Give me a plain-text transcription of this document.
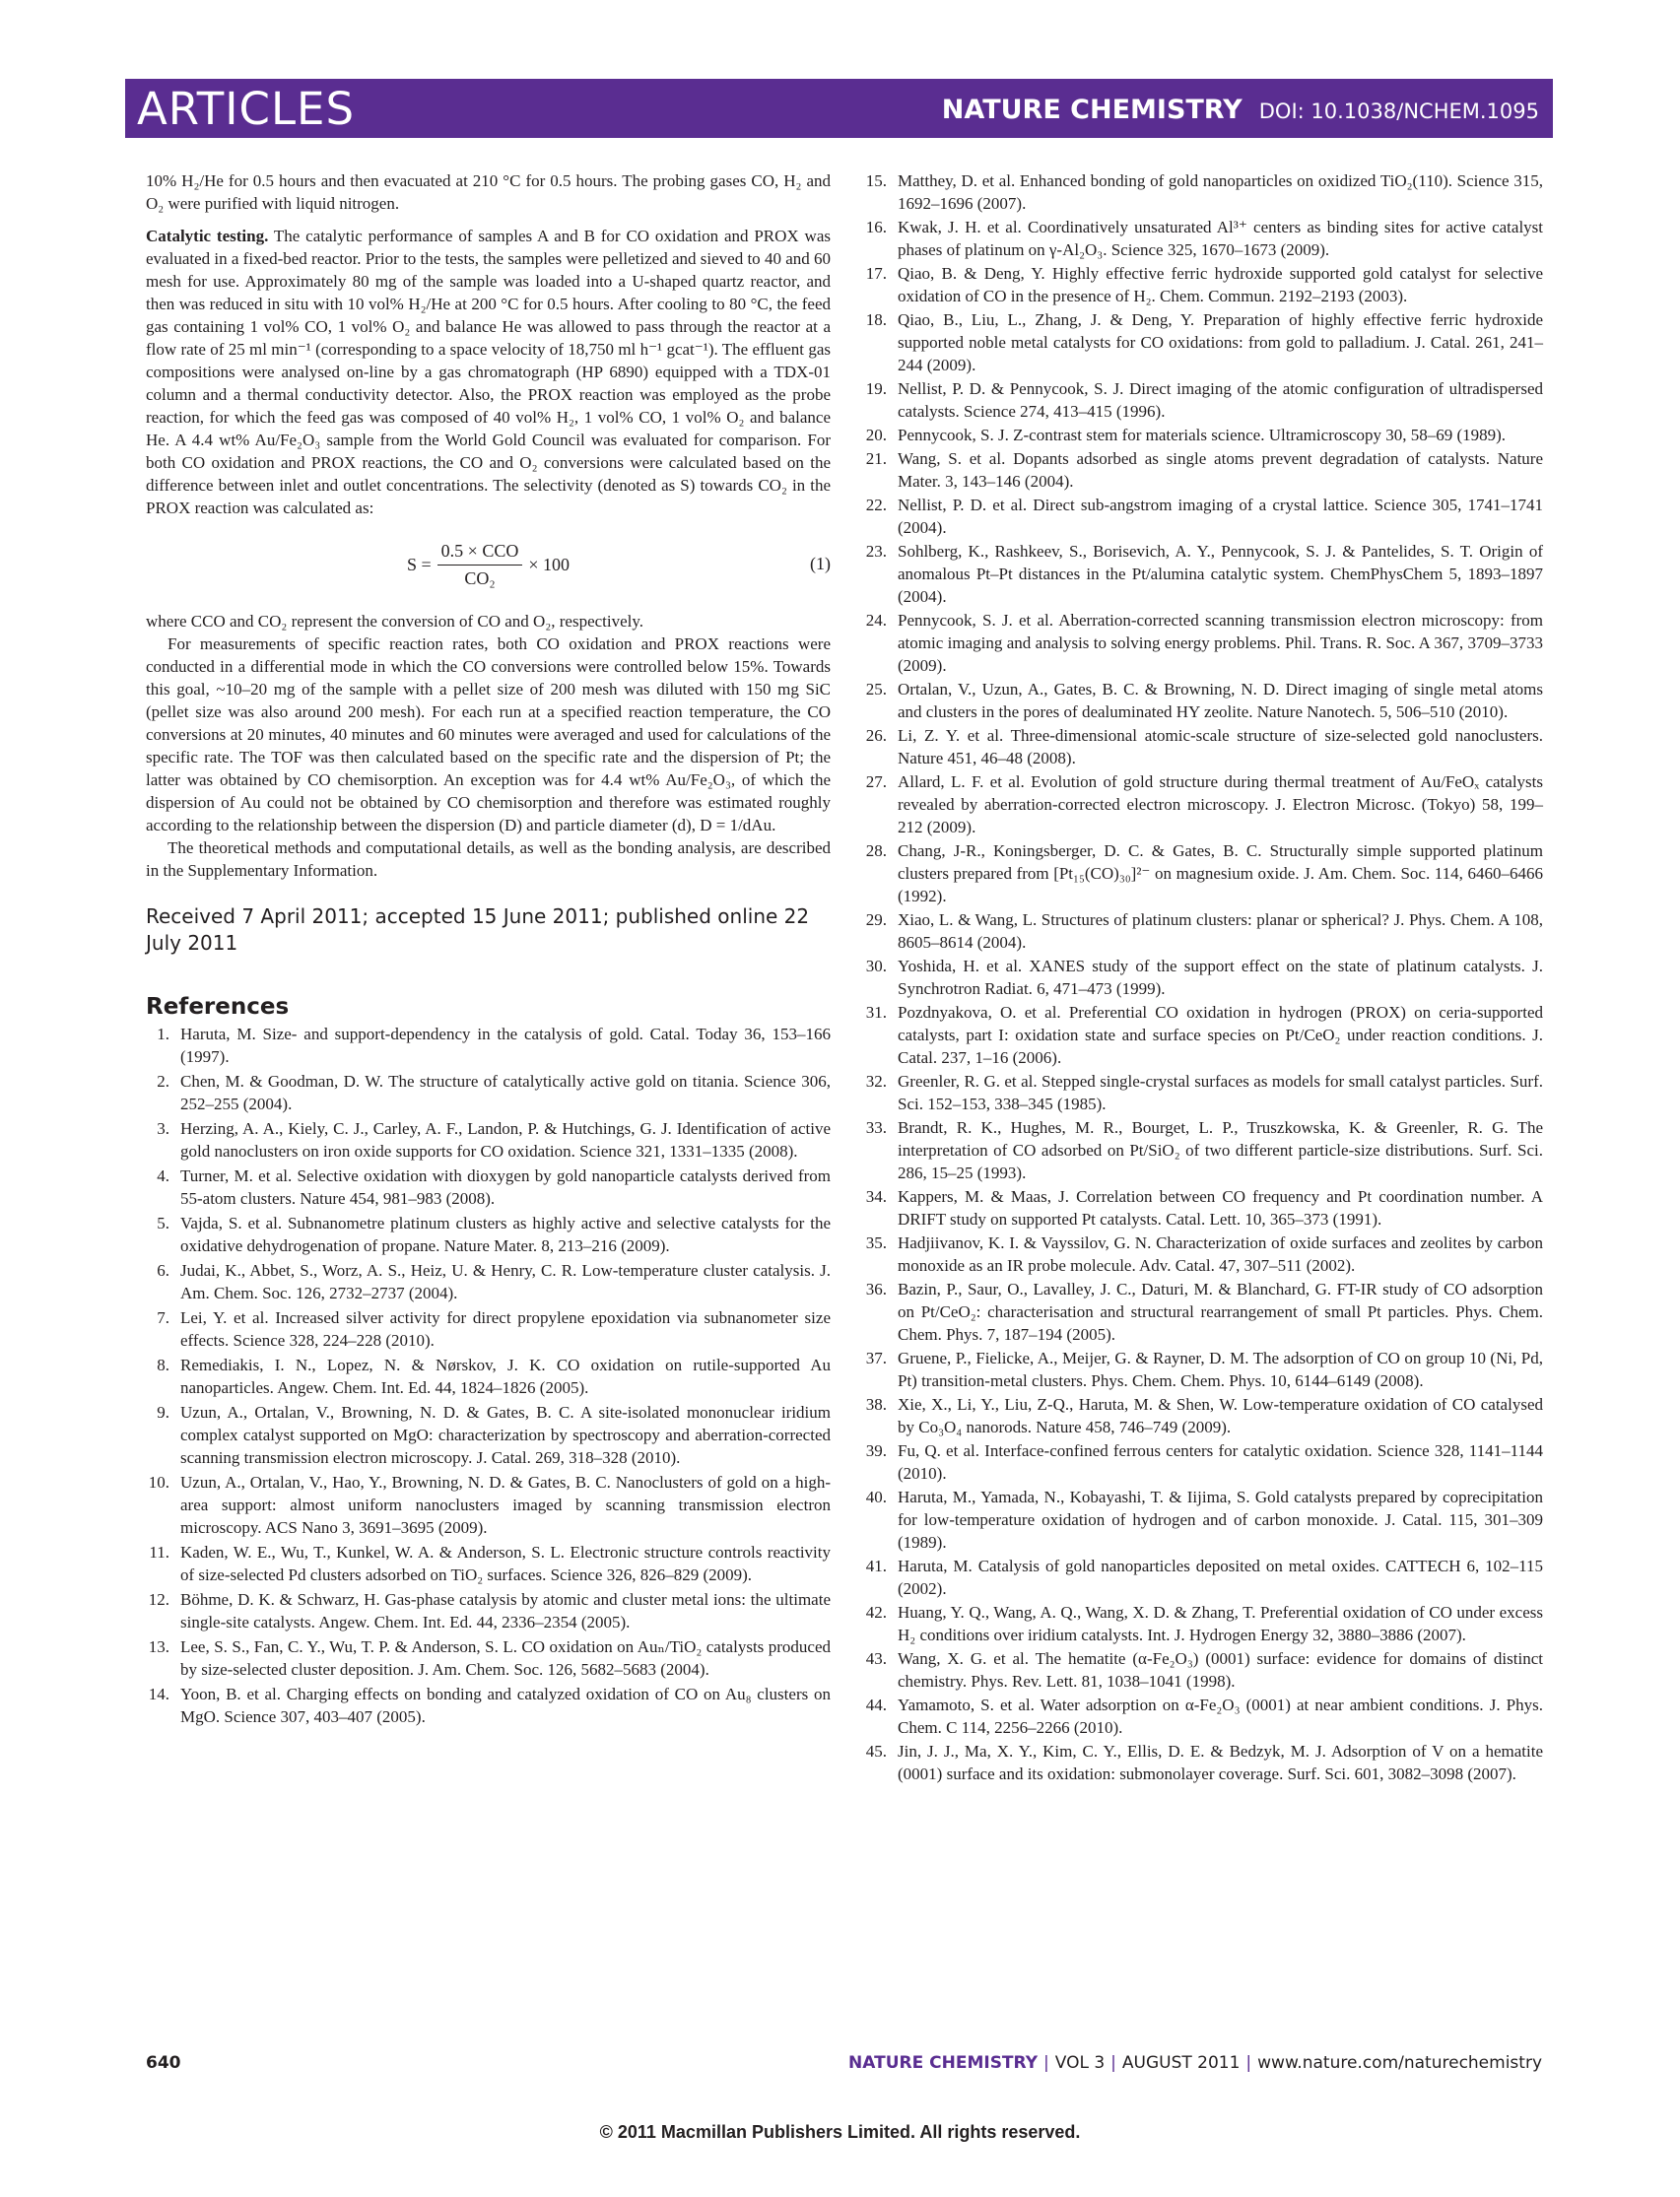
ARTICLES	NATURE CHEMISTRY DOI: 10.1038/NCHEM.1095

10% H₂/He for 0.5 hours and then evacuated at 210 °C for 0.5 hours. The probing gases CO, H₂ and O₂ were purified with liquid nitrogen.

Catalytic testing. The catalytic performance of samples A and B for CO oxidation and PROX was evaluated in a fixed-bed reactor. Prior to the tests, the samples were pelletized and sieved to 40 and 60 mesh for use. Approximately 80 mg of the sample was loaded into a U-shaped quartz reactor, and then was reduced in situ with 10 vol% H₂/He at 200 °C for 0.5 hours. After cooling to 80 °C, the feed gas containing 1 vol% CO, 1 vol% O₂ and balance He was allowed to pass through the reactor at a flow rate of 25 ml min⁻¹ (corresponding to a space velocity of 18,750 ml h⁻¹ gcat⁻¹). The effluent gas compositions were analysed on-line by a gas chromatograph (HP 6890) equipped with a TDX-01 column and a thermal conductivity detector. Also, the PROX reaction was employed as the probe reaction, for which the feed gas was composed of 40 vol% H₂, 1 vol% CO, 1 vol% O₂ and balance He. A 4.4 wt% Au/Fe₂O₃ sample from the World Gold Council was evaluated for comparison. For both CO oxidation and PROX reactions, the CO and O₂ conversions were calculated based on the difference between inlet and outlet concentrations. The selectivity (denoted as S) towards CO₂ in the PROX reaction was calculated as:

$S = \frac{\text{0.5 × CCO}}{\text{CO₂}} \times 100$	(1)

where CCO and CO₂ represent the conversion of CO and O₂, respectively.

For measurements of specific reaction rates, both CO oxidation and PROX reactions were conducted in a differential mode in which the CO conversions were controlled below 15%. Towards this goal, ~10–20 mg of the sample with a pellet size of 200 mesh was diluted with 150 mg SiC (pellet size was also around 200 mesh). For each run at a specified reaction temperature, the CO conversions at 20 minutes, 40 minutes and 60 minutes were averaged and used for calculations of the specific rate. The TOF was then calculated based on the specific rate and the dispersion of Pt; the latter was obtained by CO chemisorption. An exception was for 4.4 wt% Au/Fe₂O₃, of which the dispersion of Au could not be obtained by CO chemisorption and therefore was estimated roughly according to the relationship between the dispersion (D) and particle diameter (d), D = 1/dAu.

The theoretical methods and computational details, as well as the bonding analysis, are described in the Supplementary Information.

Received 7 April 2011; accepted 15 June 2011; published online 22 July 2011

References
1. Haruta, M. Size- and support-dependency in the catalysis of gold. Catal. Today 36, 153–166 (1997).
2. Chen, M. & Goodman, D. W. The structure of catalytically active gold on titania. Science 306, 252–255 (2004).
3. Herzing, A. A., Kiely, C. J., Carley, A. F., Landon, P. & Hutchings, G. J. Identification of active gold nanoclusters on iron oxide supports for CO oxidation. Science 321, 1331–1335 (2008).
4. Turner, M. et al. Selective oxidation with dioxygen by gold nanoparticle catalysts derived from 55-atom clusters. Nature 454, 981–983 (2008).
5. Vajda, S. et al. Subnanometre platinum clusters as highly active and selective catalysts for the oxidative dehydrogenation of propane. Nature Mater. 8, 213–216 (2009).
6. Judai, K., Abbet, S., Worz, A. S., Heiz, U. & Henry, C. R. Low-temperature cluster catalysis. J. Am. Chem. Soc. 126, 2732–2737 (2004).
7. Lei, Y. et al. Increased silver activity for direct propylene epoxidation via subnanometer size effects. Science 328, 224–228 (2010).
8. Remediakis, I. N., Lopez, N. & Nørskov, J. K. CO oxidation on rutile-supported Au nanoparticles. Angew. Chem. Int. Ed. 44, 1824–1826 (2005).
9. Uzun, A., Ortalan, V., Browning, N. D. & Gates, B. C. A site-isolated mononuclear iridium complex catalyst supported on MgO: characterization by spectroscopy and aberration-corrected scanning transmission electron microscopy. J. Catal. 269, 318–328 (2010).
10. Uzun, A., Ortalan, V., Hao, Y., Browning, N. D. & Gates, B. C. Nanoclusters of gold on a high-area support: almost uniform nanoclusters imaged by scanning transmission electron microscopy. ACS Nano 3, 3691–3695 (2009).
11. Kaden, W. E., Wu, T., Kunkel, W. A. & Anderson, S. L. Electronic structure controls reactivity of size-selected Pd clusters adsorbed on TiO₂ surfaces. Science 326, 826–829 (2009).
12. Böhme, D. K. & Schwarz, H. Gas-phase catalysis by atomic and cluster metal ions: the ultimate single-site catalysts. Angew. Chem. Int. Ed. 44, 2336–2354 (2005).
13. Lee, S. S., Fan, C. Y., Wu, T. P. & Anderson, S. L. CO oxidation on Auₙ/TiO₂ catalysts produced by size-selected cluster deposition. J. Am. Chem. Soc. 126, 5682–5683 (2004).
14. Yoon, B. et al. Charging effects on bonding and catalyzed oxidation of CO on Au₈ clusters on MgO. Science 307, 403–407 (2005).
15. Matthey, D. et al. Enhanced bonding of gold nanoparticles on oxidized TiO₂(110). Science 315, 1692–1696 (2007).
16. Kwak, J. H. et al. Coordinatively unsaturated Al³⁺ centers as binding sites for active catalyst phases of platinum on γ-Al₂O₃. Science 325, 1670–1673 (2009).
17. Qiao, B. & Deng, Y. Highly effective ferric hydroxide supported gold catalyst for selective oxidation of CO in the presence of H₂. Chem. Commun. 2192–2193 (2003).
18. Qiao, B., Liu, L., Zhang, J. & Deng, Y. Preparation of highly effective ferric hydroxide supported noble metal catalysts for CO oxidations: from gold to palladium. J. Catal. 261, 241–244 (2009).
19. Nellist, P. D. & Pennycook, S. J. Direct imaging of the atomic configuration of ultradispersed catalysts. Science 274, 413–415 (1996).
20. Pennycook, S. J. Z-contrast stem for materials science. Ultramicroscopy 30, 58–69 (1989).
21. Wang, S. et al. Dopants adsorbed as single atoms prevent degradation of catalysts. Nature Mater. 3, 143–146 (2004).
22. Nellist, P. D. et al. Direct sub-angstrom imaging of a crystal lattice. Science 305, 1741–1741 (2004).
23. Sohlberg, K., Rashkeev, S., Borisevich, A. Y., Pennycook, S. J. & Pantelides, S. T. Origin of anomalous Pt–Pt distances in the Pt/alumina catalytic system. ChemPhysChem 5, 1893–1897 (2004).
24. Pennycook, S. J. et al. Aberration-corrected scanning transmission electron microscopy: from atomic imaging and analysis to solving energy problems. Phil. Trans. R. Soc. A 367, 3709–3733 (2009).
25. Ortalan, V., Uzun, A., Gates, B. C. & Browning, N. D. Direct imaging of single metal atoms and clusters in the pores of dealuminated HY zeolite. Nature Nanotech. 5, 506–510 (2010).
26. Li, Z. Y. et al. Three-dimensional atomic-scale structure of size-selected gold nanoclusters. Nature 451, 46–48 (2008).
27. Allard, L. F. et al. Evolution of gold structure during thermal treatment of Au/FeOₓ catalysts revealed by aberration-corrected electron microscopy. J. Electron Microsc. (Tokyo) 58, 199–212 (2009).
28. Chang, J-R., Koningsberger, D. C. & Gates, B. C. Structurally simple supported platinum clusters prepared from [Pt₁₅(CO)₃₀]²⁻ on magnesium oxide. J. Am. Chem. Soc. 114, 6460–6466 (1992).
29. Xiao, L. & Wang, L. Structures of platinum clusters: planar or spherical? J. Phys. Chem. A 108, 8605–8614 (2004).
30. Yoshida, H. et al. XANES study of the support effect on the state of platinum catalysts. J. Synchrotron Radiat. 6, 471–473 (1999).
31. Pozdnyakova, O. et al. Preferential CO oxidation in hydrogen (PROX) on ceria-supported catalysts, part I: oxidation state and surface species on Pt/CeO₂ under reaction conditions. J. Catal. 237, 1–16 (2006).
32. Greenler, R. G. et al. Stepped single-crystal surfaces as models for small catalyst particles. Surf. Sci. 152–153, 338–345 (1985).
33. Brandt, R. K., Hughes, M. R., Bourget, L. P., Truszkowska, K. & Greenler, R. G. The interpretation of CO adsorbed on Pt/SiO₂ of two different particle-size distributions. Surf. Sci. 286, 15–25 (1993).
34. Kappers, M. & Maas, J. Correlation between CO frequency and Pt coordination number. A DRIFT study on supported Pt catalysts. Catal. Lett. 10, 365–373 (1991).
35. Hadjiivanov, K. I. & Vayssilov, G. N. Characterization of oxide surfaces and zeolites by carbon monoxide as an IR probe molecule. Adv. Catal. 47, 307–511 (2002).
36. Bazin, P., Saur, O., Lavalley, J. C., Daturi, M. & Blanchard, G. FT-IR study of CO adsorption on Pt/CeO₂: characterisation and structural rearrangement of small Pt particles. Phys. Chem. Chem. Phys. 7, 187–194 (2005).
37. Gruene, P., Fielicke, A., Meijer, G. & Rayner, D. M. The adsorption of CO on group 10 (Ni, Pd, Pt) transition-metal clusters. Phys. Chem. Chem. Phys. 10, 6144–6149 (2008).
38. Xie, X., Li, Y., Liu, Z-Q., Haruta, M. & Shen, W. Low-temperature oxidation of CO catalysed by Co₃O₄ nanorods. Nature 458, 746–749 (2009).
39. Fu, Q. et al. Interface-confined ferrous centers for catalytic oxidation. Science 328, 1141–1144 (2010).
40. Haruta, M., Yamada, N., Kobayashi, T. & Iijima, S. Gold catalysts prepared by coprecipitation for low-temperature oxidation of hydrogen and of carbon monoxide. J. Catal. 115, 301–309 (1989).
41. Haruta, M. Catalysis of gold nanoparticles deposited on metal oxides. CATTECH 6, 102–115 (2002).
42. Huang, Y. Q., Wang, A. Q., Wang, X. D. & Zhang, T. Preferential oxidation of CO under excess H₂ conditions over iridium catalysts. Int. J. Hydrogen Energy 32, 3880–3886 (2007).
43. Wang, X. G. et al. The hematite (α-Fe₂O₃) (0001) surface: evidence for domains of distinct chemistry. Phys. Rev. Lett. 81, 1038–1041 (1998).
44. Yamamoto, S. et al. Water adsorption on α-Fe₂O₃ (0001) at near ambient conditions. J. Phys. Chem. C 114, 2256–2266 (2010).
45. Jin, J. J., Ma, X. Y., Kim, C. Y., Ellis, D. E. & Bedzyk, M. J. Adsorption of V on a hematite (0001) surface and its oxidation: submonolayer coverage. Surf. Sci. 601, 3082–3098 (2007).
640	NATURE CHEMISTRY | VOL 3 | AUGUST 2011 | www.nature.com/naturechemistry
© 2011 Macmillan Publishers Limited. All rights reserved.
